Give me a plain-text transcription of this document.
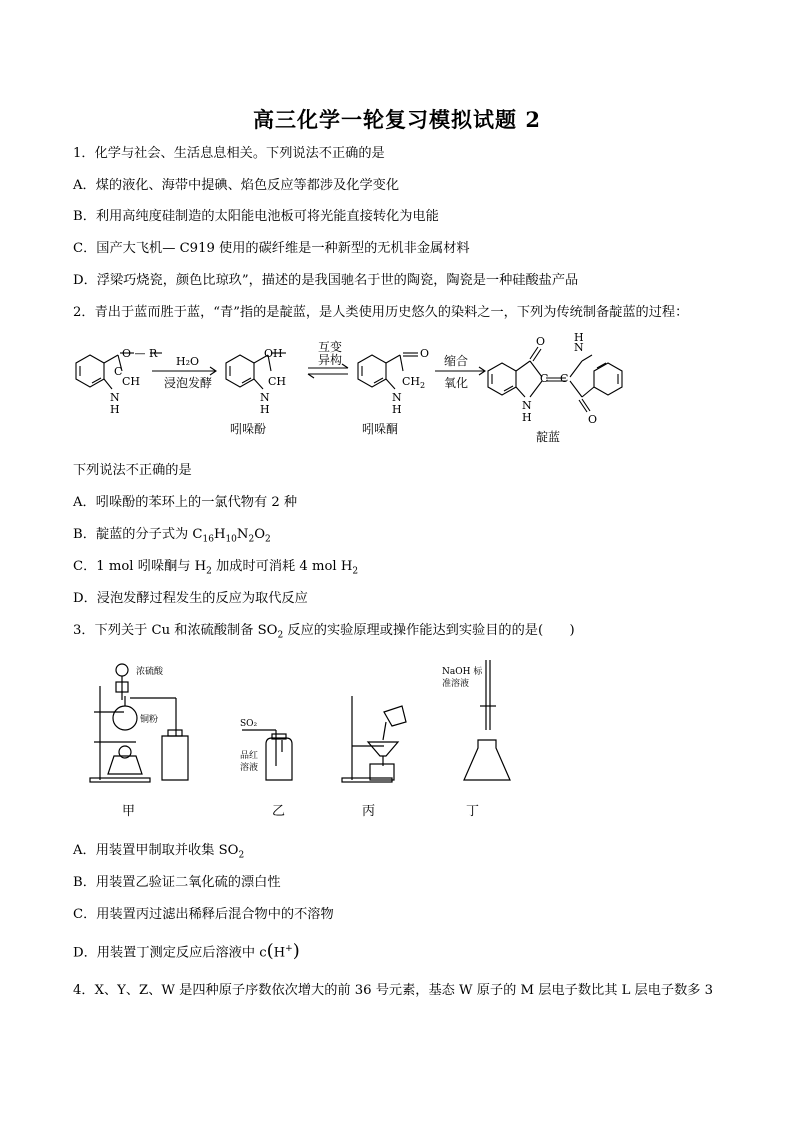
高三化学一轮复习模拟试题 2
1．化学与社会、生活息息相关。下列说法不正确的是
A．煤的液化、海带中提碘、焰色反应等都涉及化学变化
B．利用高纯度硅制造的太阳能电池板可将光能直接转化为电能
C．国产大飞机— C919 使用的碳纤维是一种新型的无机非金属材料
D．浮梁巧烧瓷，颜色比琼玖”，描述的是我国驰名于世的陶瓷，陶瓷是一种硅酸盐产品
2．青出于蓝而胜于蓝，“青”指的是靛蓝，是人类使用历史悠久的染料之一，下列为传统制备靛蓝的过程：
O — R
C
CH
N
H
H₂O
浸泡发酵
OH
CH
N
H
吲哚酚
互变
异构	O
$CH_2$
N
H
吲哚酮
缩合
氧化
O
N
H
C C
N
H
O
靛蓝
下列说法不正确的是
A．吲哚酚的苯环上的一氯代物有 2 种
B．靛蓝的分子式为 $C_{16}H_{10}N_2O_2$
C．1 mol 吲哚酮与 $H_2$ 加成时可消耗 4 mol $H_2$
D．浸泡发酵过程发生的反应为取代反应
3．下列关于 Cu 和浓硫酸制备 $SO_2$ 反应的实验原理或操作能达到实验目的的是(　　)
浓硫酸
铜粉	SO₂
品红
溶液
NaOH 标
准溶液
甲	乙	丙	丁
A．用装置甲制取并收集 $SO_2$
B．用装置乙验证二氧化硫的漂白性
C．用装置丙过滤出稀释后混合物中的不溶物
D．用装置丁测定反应后溶液中 c(H+)
4．X、Y、Z、W 是四种原子序数依次增大的前 36 号元素，基态 W 原子的 M 层电子数比其 L 层电子数多 3
